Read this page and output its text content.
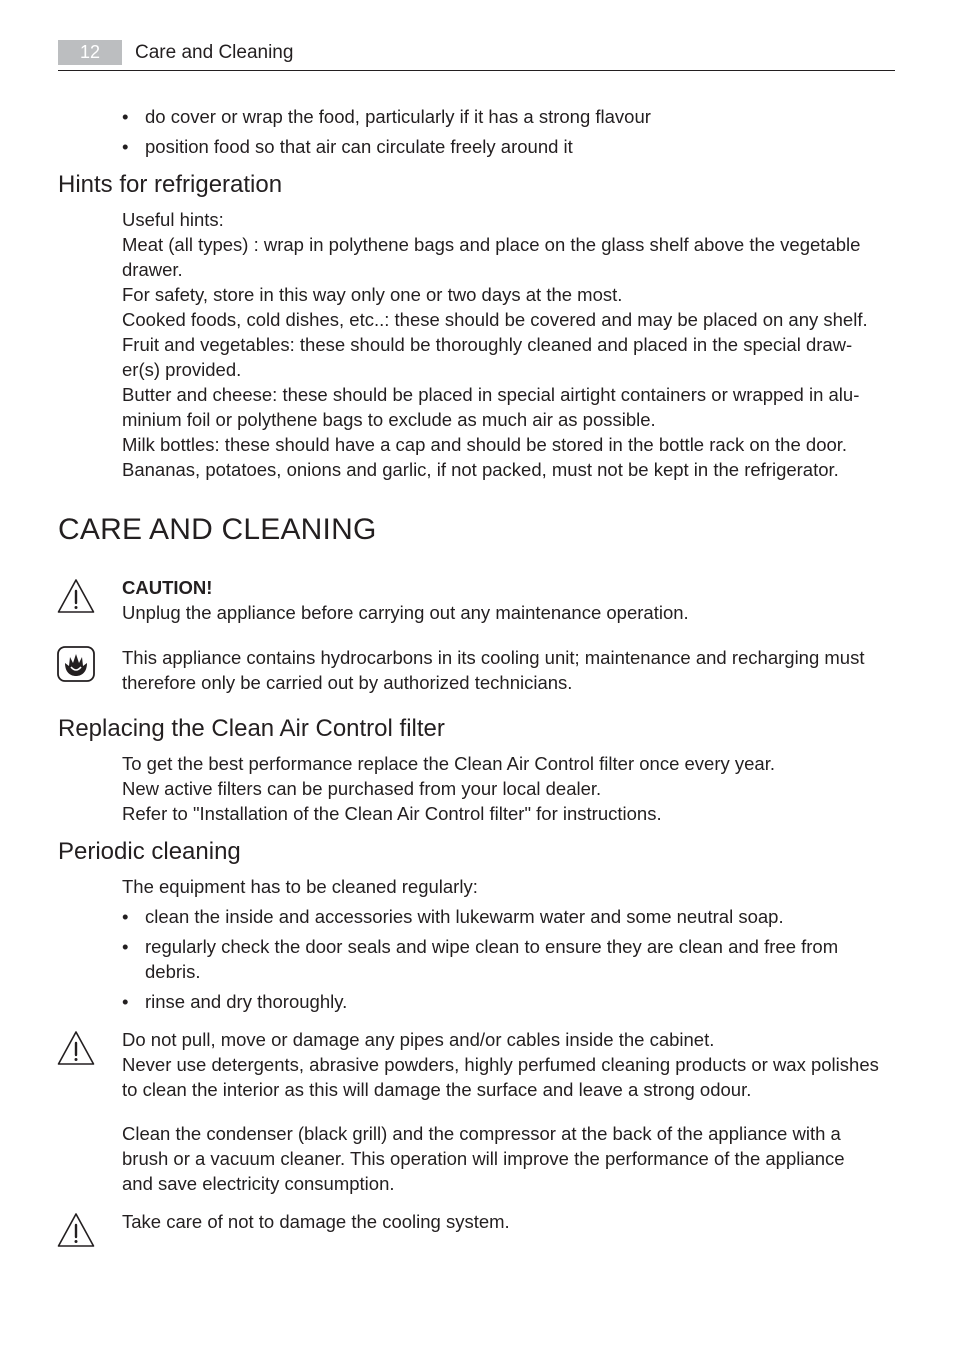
12	Care and Cleaning
• do cover or wrap the food, particularly if it has a strong flavour
• position food so that air can circulate freely around it
Hints for refrigeration
Useful hints:
Meat (all types) : wrap in polythene bags and place on the glass shelf above the vegetable
drawer.
For safety, store in this way only one or two days at the most.
Cooked foods, cold dishes, etc..: these should be covered and may be placed on any shelf.
Fruit and vegetables: these should be thoroughly cleaned and placed in the special draw-
er(s) provided.
Butter and cheese: these should be placed in special airtight containers or wrapped in alu-
minium foil or polythene bags to exclude as much air as possible.
Milk bottles: these should have a cap and should be stored in the bottle rack on the door.
Bananas, potatoes, onions and garlic, if not packed, must not be kept in the refrigerator.
CARE AND CLEANING
CAUTION!
Unplug the appliance before carrying out any maintenance operation.
This appliance contains hydrocarbons in its cooling unit; maintenance and recharging must
therefore only be carried out by authorized technicians.
Replacing the Clean Air Control filter
To get the best performance replace the Clean Air Control filter once every year.
New active filters can be purchased from your local dealer.
Refer to "Installation of the Clean Air Control filter" for instructions.
Periodic cleaning
The equipment has to be cleaned regularly:
• clean the inside and accessories with lukewarm water and some neutral soap.
• regularly check the door seals and wipe clean to ensure they are clean and free from
debris.
• rinse and dry thoroughly.
Do not pull, move or damage any pipes and/or cables inside the cabinet.
Never use detergents, abrasive powders, highly perfumed cleaning products or wax polishes
to clean the interior as this will damage the surface and leave a strong odour.
Clean the condenser (black grill) and the compressor at the back of the appliance with a
brush or a vacuum cleaner. This operation will improve the performance of the appliance
and save electricity consumption.
Take care of not to damage the cooling system.
